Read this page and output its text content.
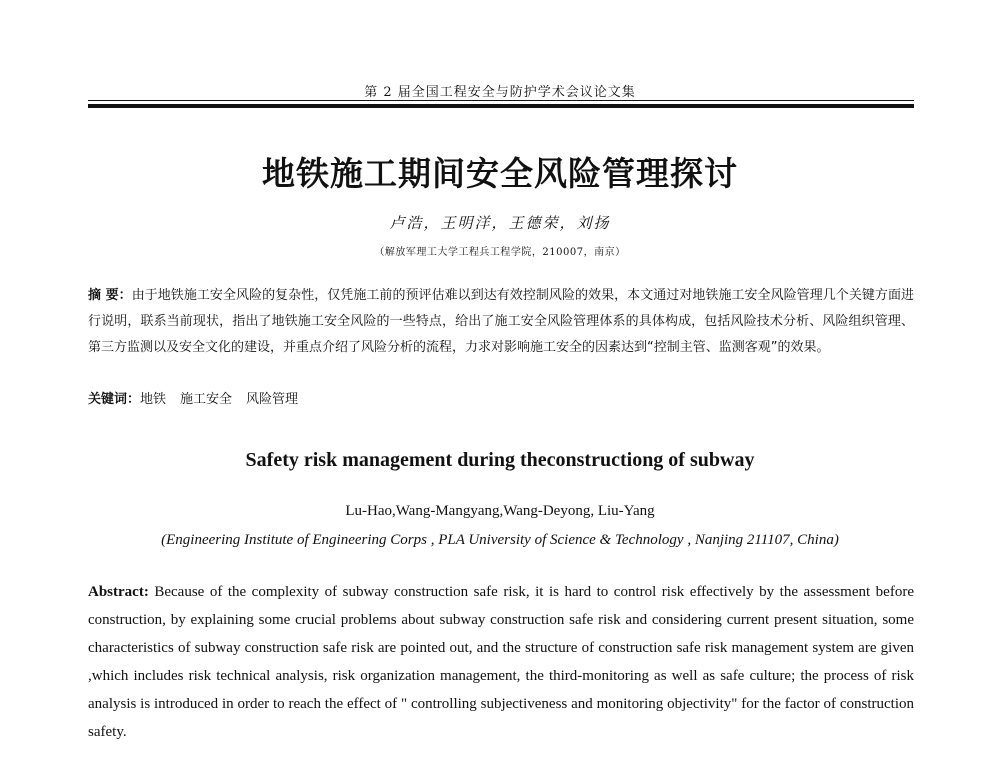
第 2 届全国工程安全与防护学术会议论文集
地铁施工期间安全风险管理探讨
卢浩，王明洋，王德荣，刘扬
（解放军理工大学工程兵工程学院，210007，南京）
摘 要：由于地铁施工安全风险的复杂性，仅凭施工前的预评估难以到达有效控制风险的效果，本文通过对地铁施工安全风险管理几个关键方面进行说明，联系当前现状，指出了地铁施工安全风险的一些特点，给出了施工安全风险管理体系的具体构成，包括风险技术分析、风险组织管理、第三方监测以及安全文化的建设，并重点介绍了风险分析的流程，力求对影响施工安全的因素达到“控制主管、监测客观”的效果。
关键词：地铁 施工安全 风险管理
Safety risk management during theconstructiong of subway
Lu-Hao,Wang-Mangyang,Wang-Deyong, Liu-Yang
(Engineering Institute of Engineering Corps , PLA University of Science & Technology , Nanjing 211107, China)
Abstract: Because of the complexity of subway construction safe risk, it is hard to control risk effectively by the assessment before construction, by explaining some crucial problems about subway construction safe risk and considering current present situation, some characteristics of subway construction safe risk are pointed out, and the structure of construction safe risk management system are given ,which includes risk technical analysis, risk organization management, the third-monitoring as well as safe culture; the process of risk analysis is introduced in order to reach the effect of " controlling subjectiveness and monitoring objectivity" for the factor of construction safety.
